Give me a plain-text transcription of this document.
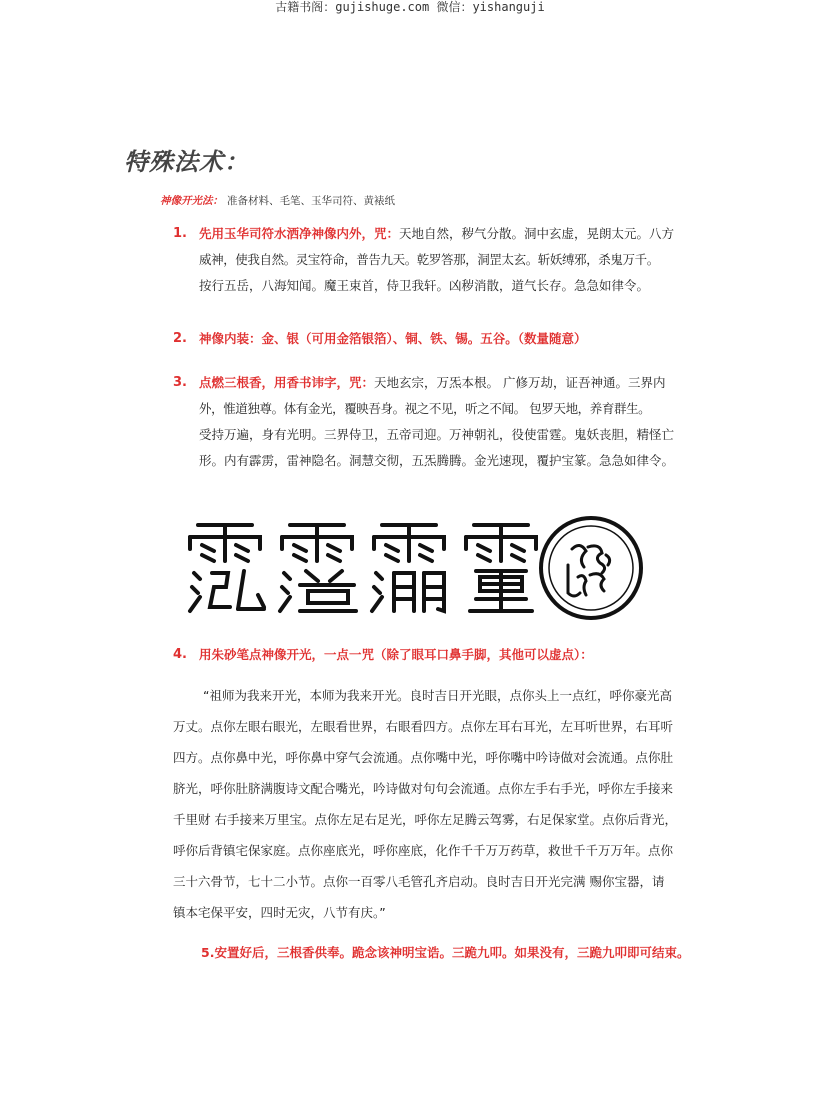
古籍书阁：gujishuge.com 微信：yishanguji
特殊法术：
神像开光法： 准备材料、毛笔、玉华司符、黄裱纸
1. 先用玉华司符水洒净神像内外，咒：天地自然，秽气分散。洞中玄虚，晃朗太元。八方
威神，使我自然。灵宝符命，普告九天。乾罗答那，洞罡太玄。斩妖缚邪，杀鬼万千。
按行五岳，八海知闻。魔王束首，侍卫我轩。凶秽消散，道气长存。急急如律令。
2. 神像内装：金、银（可用金箔银箔）、铜、铁、锡。五谷。（数量随意）
3. 点燃三根香，用香书讳字，咒：天地玄宗，万炁本根。 广修万劫，证吾神通。三界内
外，惟道独尊。体有金光，覆映吾身。视之不见，听之不闻。 包罗天地，养育群生。
受持万遍，身有光明。三界侍卫，五帝司迎。万神朝礼，役使雷霆。鬼妖丧胆，精怪亡
形。内有霹雳，雷神隐名。洞慧交彻，五炁腾腾。金光速现，覆护宝篆。急急如律令。
4. 用朱砂笔点神像开光，一点一咒（除了眼耳口鼻手脚，其他可以虚点）：
“祖师为我来开光，本师为我来开光。良时吉日开光眼，点你头上一点红，呼你豪光高
万丈。点你左眼右眼光，左眼看世界，右眼看四方。点你左耳右耳光，左耳听世界，右耳听
四方。点你鼻中光，呼你鼻中穿气会流通。点你嘴中光，呼你嘴中吟诗做对会流通。点你肚
脐光，呼你肚脐满腹诗文配合嘴光，吟诗做对句句会流通。点你左手右手光，呼你左手接来
千里财 右手接来万里宝。点你左足右足光，呼你左足腾云驾雾，右足保家堂。点你后背光，
呼你后背镇宅保家庭。点你座底光，呼你座底，化作千千万万药草，救世千千万万年。点你
三十六骨节，七十二小节。点你一百零八毛管孔齐启动。良时吉日开光完满 赐你宝器，请
镇本宅保平安，四时无灾，八节有庆。”
5.安置好后，三根香供奉。跪念该神明宝诰。三跪九叩。如果没有，三跪九叩即可结束。
